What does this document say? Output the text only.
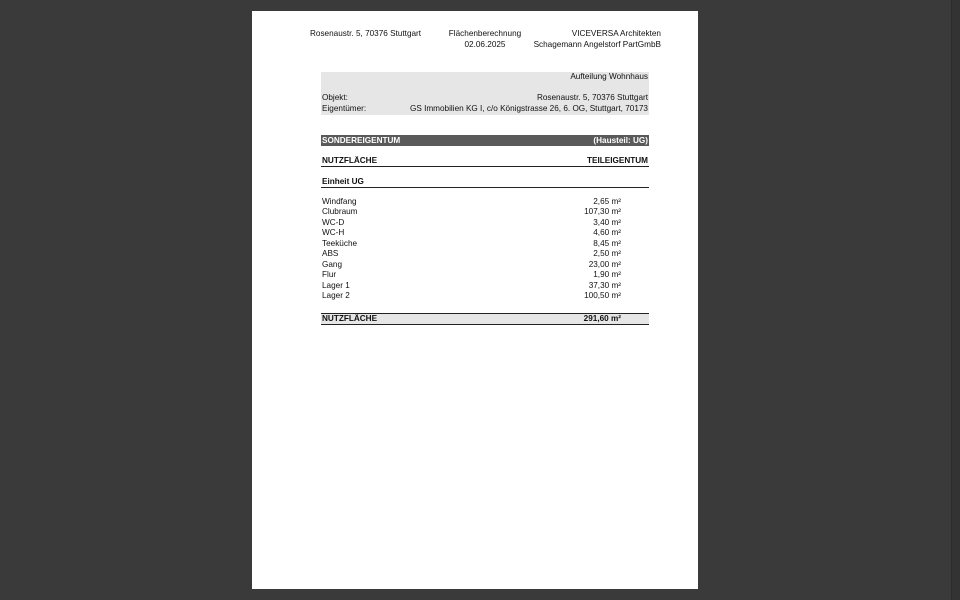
Rosenaustr. 5, 70376 Stuttgart	Flächenberechnung
02.06.2025
VICEVERSA Architekten
Schagemann Angelstorf PartGmbB
Aufteilung Wohnhaus
Objekt:	Rosenaustr. 5, 70376 Stuttgart
Eigentümer:	GS Immobilien KG I, c/o Königstrasse 26, 6. OG, Stuttgart, 70173
SONDEREIGENTUM	(Hausteil: UG)
NUTZFLÄCHE	TEILEIGENTUM
Einheit UG
Windfang	2,65 m²
Clubraum	107,30 m²
WC-D	3,40 m²
WC-H	4,60 m²
Teeküche	8,45 m²
ABS	2,50 m²
Gang	23,00 m²
Flur	1,90 m²
Lager 1	37,30 m²
Lager 2	100,50 m²
NUTZFLÄCHE	291,60 m²
